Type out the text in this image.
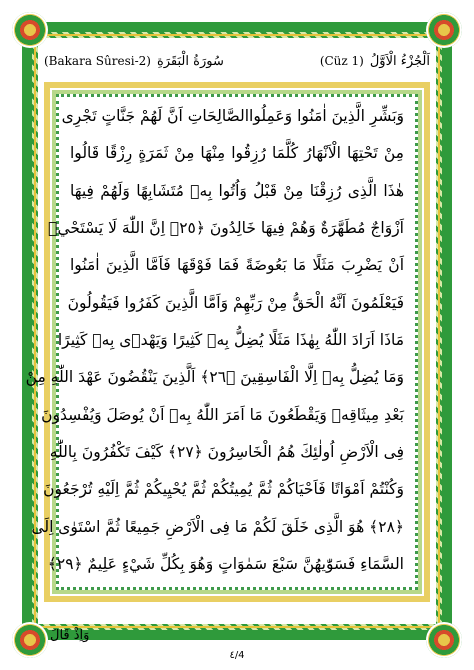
(Bakara Sûresi-2) سُورَةُ الْبَقَرَةِ	(Cüz 1) اَلْجُزْءُ الْاَوَّلُ
وَبَشِّرِ الَّذِينَ اٰمَنُوا وَعَمِلُواالصَّالِحَاتِ اَنَّ لَهُمْ جَنَّاتٍ تَجْرِى
مِنْ تَحْتِهَا الْاَنْهَارُ كُلَّمَا رُزِقُوا مِنْهَا مِنْ ثَمَرَةٍ رِزْقًا قَالُوا
هٰذَا الَّذِى رُزِقْنَا مِنْ قَبْلُ وَاُتُوا بِهٖ مُتَشَابِهًا وَلَهُمْ فِيهَا
اَزْوَاجٌ مُطَهَّرَةٌ وَهُمْ فِيهَا خَالِدُونَ ﴿٢٥﴾ اِنَّ اللّٰهَ لَا يَسْتَحْيٖ
اَنْ يَضْرِبَ مَثَلًا مَا بَعُوضَةً فَمَا فَوْقَهَا فَاَمَّا الَّذِينَ اٰمَنُوا
فَيَعْلَمُونَ اَنَّهُ الْحَقُّ مِنْ رَبِّهِمْ وَاَمَّا الَّذِينَ كَفَرُوا فَيَقُولُونَ
مَاذَا اَرَادَ اللّٰهُ بِهٰذَا مَثَلًا يُضِلُّ بِهٖ كَثِيرًا وَيَهْدٖى بِهٖ كَثِيرًا
وَمَا يُضِلُّ بِهٖ اِلَّا الْفَاسِقِينَ ﴿٢٦﴾ اَلَّذِينَ يَنْقُضُونَ عَهْدَ اللّٰهِ مِنْ
بَعْدِ مِيثَاقِهٖ وَيَقْطَعُونَ مَا اَمَرَ اللّٰهُ بِهٖ اَنْ يُوصَلَ وَيُفْسِدُونَ
فِى الْاَرْضِ اُولٰئِكَ هُمُ الْخَاسِرُونَ ﴿٢٧﴾ كَيْفَ تَكْفُرُونَ بِاللّٰهِ
وَكُنْتُمْ اَمْوَاتًا فَاَحْيَاكُمْ ثُمَّ يُمِيتُكُمْ ثُمَّ يُحْيِيكُمْ ثُمَّ اِلَيْهِ تُرْجَعُونَ
﴿٢٨﴾ هُوَ الَّذِى خَلَقَ لَكُمْ مَا فِى الْاَرْضِ جَمِيعًا ثُمَّ اسْتَوٰى اِلَى
السَّمَاءِ فَسَوّٰيهُنَّ سَبْعَ سَمٰوَاتٍ وَهُوَ بِكُلِّ شَيْءٍ عَلِيمٌ ﴿٢٩﴾
وَاِذْ قَالَ
٤/4
